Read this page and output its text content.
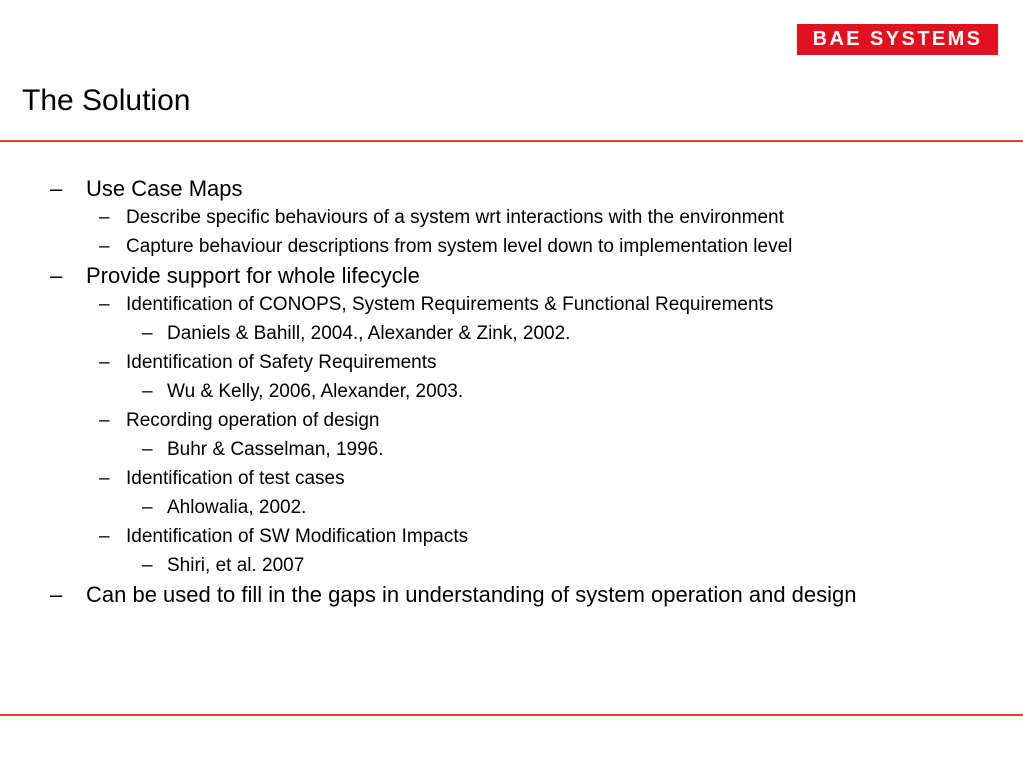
BAE SYSTEMS
The Solution
– Use Case Maps
– Describe specific behaviours of a system wrt interactions with the environment
– Capture behaviour descriptions from system level down to implementation level
– Provide support for whole lifecycle
– Identification of CONOPS, System Requirements & Functional Requirements
– Daniels & Bahill, 2004., Alexander & Zink, 2002.
– Identification of Safety Requirements
– Wu & Kelly, 2006, Alexander, 2003.
– Recording operation of design
– Buhr & Casselman, 1996.
– Identification of test cases
– Ahlowalia, 2002.
– Identification of SW Modification Impacts
– Shiri, et al. 2007
– Can be used to fill in the gaps in understanding of system operation and design
